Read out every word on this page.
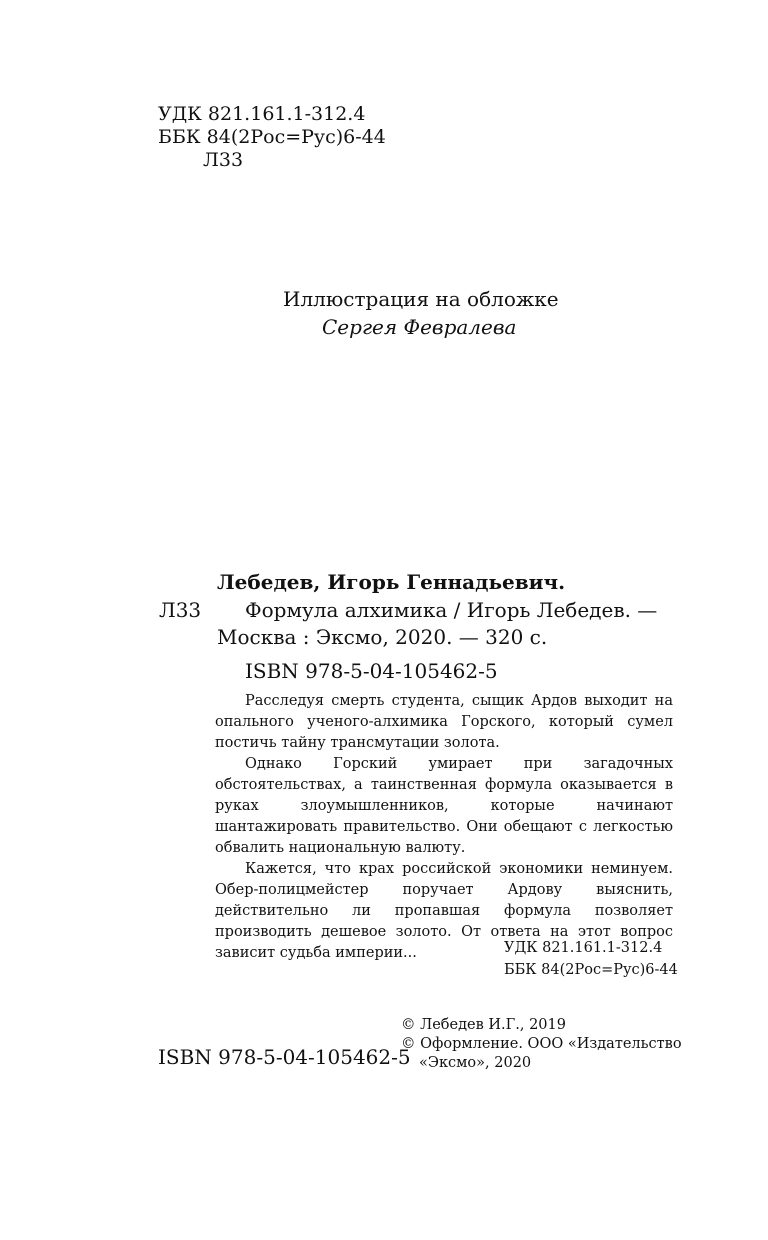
УДК 821.161.1-312.4
ББК 84(2Рос=Рус)6-44
Л33
Иллюстрация на обложке
Сергея Февралева
Лебедев, Игорь Геннадьевич.
Л33 Формула алхимика / Игорь Лебедев. —
Москва : Эксмо, 2020. — 320 с.
ISBN 978-5-04-105462-5

Расследуя смерть студента, сыщик Ардов выходит на опального ученого-алхимика Горского, который сумел постичь тайну трансмутации золота.

Однако Горский умирает при загадочных обстоятельствах, а таинственная формула оказывается в руках злоумышленников, которые начинают шантажировать правительство. Они обещают с легкостью обвалить национальную валюту.

Кажется, что крах российской экономики неминуем. Обер-полицмейстер поручает Ардову выяснить, действительно ли пропавшая формула позволяет производить дешевое золото. От ответа на этот вопрос зависит судьба империи...	УДК 821.161.1-312.4
ББК 84(2Рос=Рус)6-44
© Лебедев И.Г., 2019
© Оформление. ООО «Издательство
«Эксмо», 2020
ISBN 978-5-04-105462-5
